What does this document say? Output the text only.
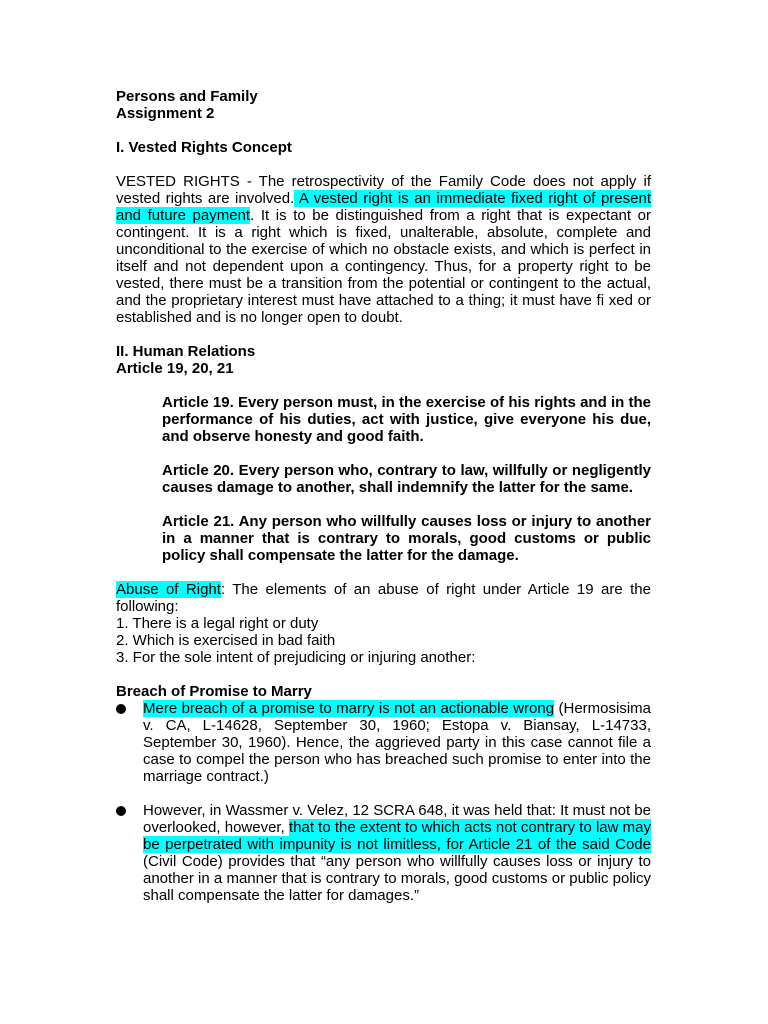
Persons and Family
Assignment 2
I. Vested Rights Concept
VESTED RIGHTS - The retrospectivity of the Family Code does not apply if vested rights are involved. A vested right is an immediate fixed right of present and future payment. It is to be distinguished from a right that is expectant or contingent. It is a right which is fixed, unalterable, absolute, complete and unconditional to the exercise of which no obstacle exists, and which is perfect in itself and not dependent upon a contingency. Thus, for a property right to be vested, there must be a transition from the potential or contingent to the actual, and the proprietary interest must have attached to a thing; it must have fi xed or established and is no longer open to doubt.
II. Human Relations
Article 19, 20, 21
Article 19. Every person must, in the exercise of his rights and in the performance of his duties, act with justice, give everyone his due, and observe honesty and good faith.
Article 20. Every person who, contrary to law, willfully or negligently causes damage to another, shall indemnify the latter for the same.
Article 21. Any person who willfully causes loss or injury to another in a manner that is contrary to morals, good customs or public policy shall compensate the latter for the damage.
Abuse of Right: The elements of an abuse of right under Article 19 are the following:
1. There is a legal right or duty
2. Which is exercised in bad faith
3. For the sole intent of prejudicing or injuring another:
Breach of Promise to Marry
Mere breach of a promise to marry is not an actionable wrong (Hermosisima v. CA, L-14628, September 30, 1960; Estopa v. Biansay, L-14733, September 30, 1960). Hence, the aggrieved party in this case cannot file a case to compel the person who has breached such promise to enter into the marriage contract.)
However, in Wassmer v. Velez, 12 SCRA 648, it was held that: It must not be overlooked, however, that to the extent to which acts not contrary to law may be perpetrated with impunity is not limitless, for Article 21 of the said Code (Civil Code) provides that “any person who willfully causes loss or injury to another in a manner that is contrary to morals, good customs or public policy shall compensate the latter for damages.”
